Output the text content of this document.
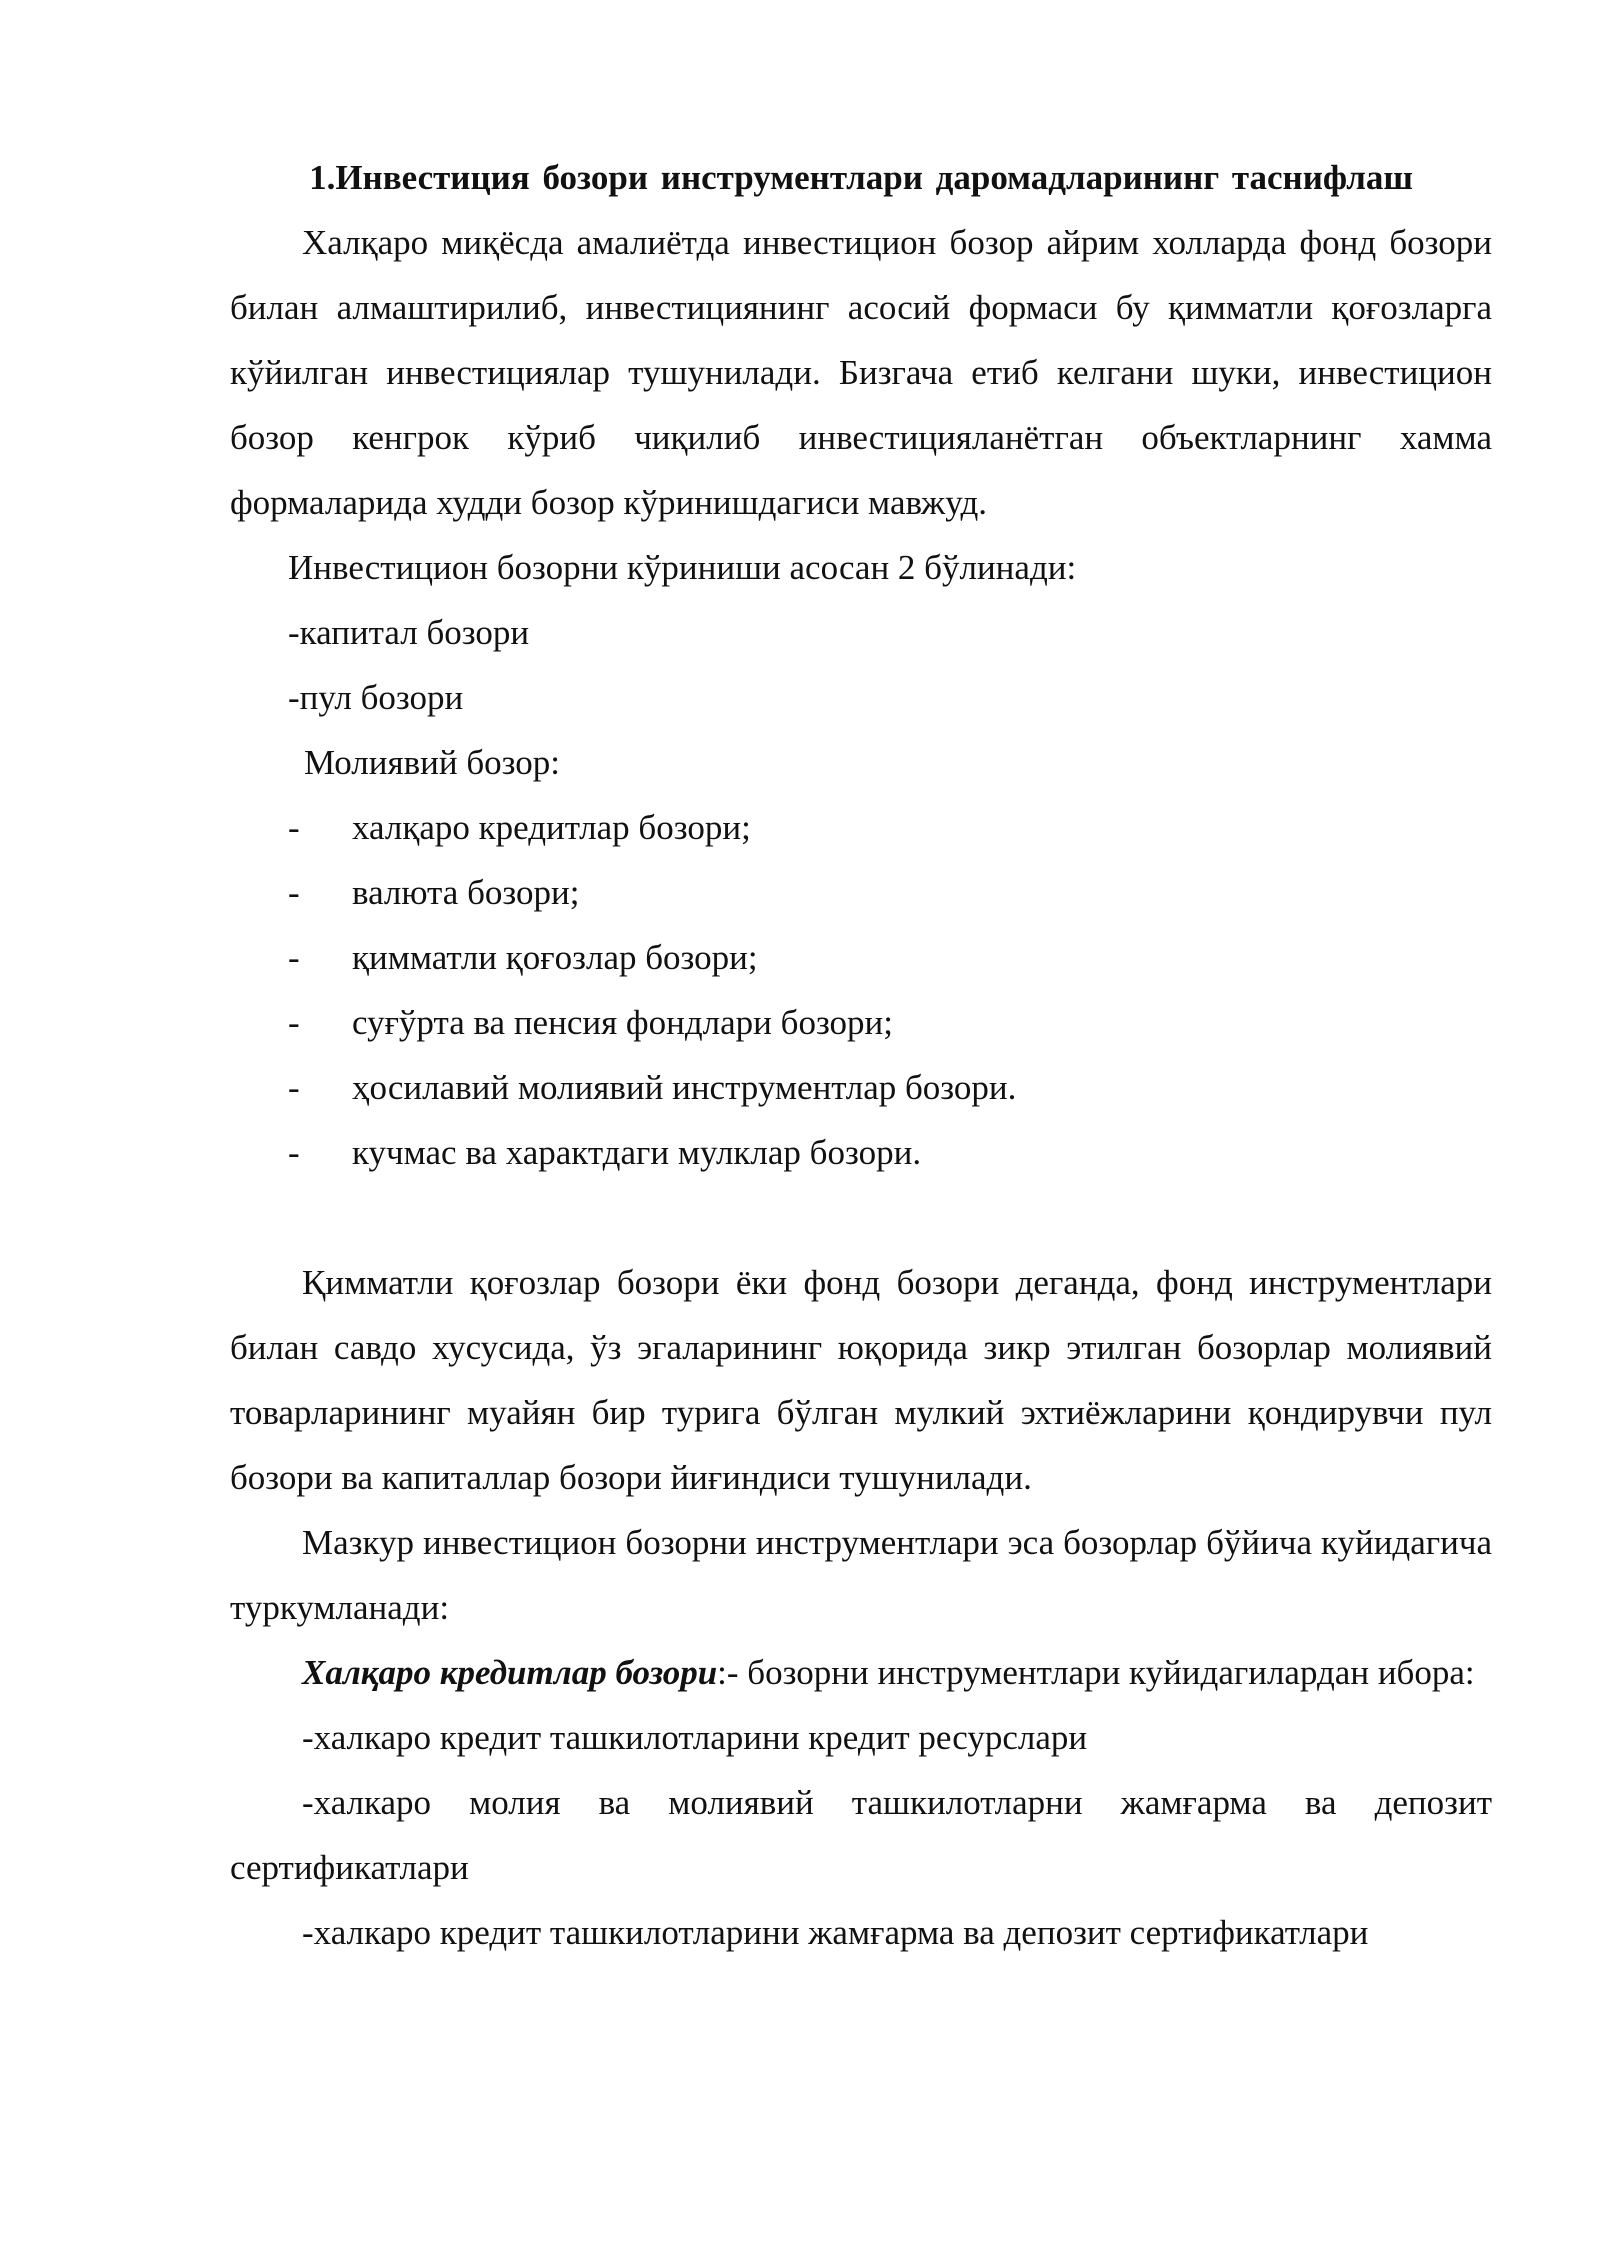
1.Инвестиция бозори инструментлари даромадларининг таснифлаш

Халқаро миқёсда амалиётда инвестицион бозор айрим холларда фонд бозори билан алмаштирилиб, инвестициянинг асосий формаси бу қимматли қоғозларга кўйилган инвестициялар тушунилади. Бизгача етиб келгани шуки, инвестицион бозор кенгрок кўриб чиқилиб инвестицияланётган объектларнинг хамма формаларида худди бозор кўринишдагиси мавжуд.

Инвестицион бозорни кўриниши асосан 2 бўлинади:

-капитал бозори

-пул бозори

Молиявий бозор:

- халқаро кредитлар бозори;
- валюта бозори;
- қимматли қоғозлар бозори;
- суғўрта ва пенсия фондлари бозори;
- ҳосилавий молиявий инструментлар бозори.
- кучмас ва характдаги мулклар бозори.

Қимматли қоғозлар бозори ёки фонд бозори деганда, фонд инструментлари билан савдо хусусида, ўз эгаларининг юқорида зикр этилган бозорлар молиявий товарларининг муайян бир турига бўлган мулкий эхтиёжларини қондирувчи пул бозори ва капиталлар бозори йиғиндиси тушунилади.

Мазкур инвестицион бозорни инструментлари эса бозорлар бўйича куйидагича туркумланади:

Халқаро кредитлар бозори:- бозорни инструментлари куйидагилардан ибора:

-халкаро кредит ташкилотларини кредит ресурслари

-халкаро молия ва молиявий ташкилотларни жамғарма ва депозит сертификатлари

-халкаро кредит ташкилотларини жамғарма ва депозит сертификатлари
